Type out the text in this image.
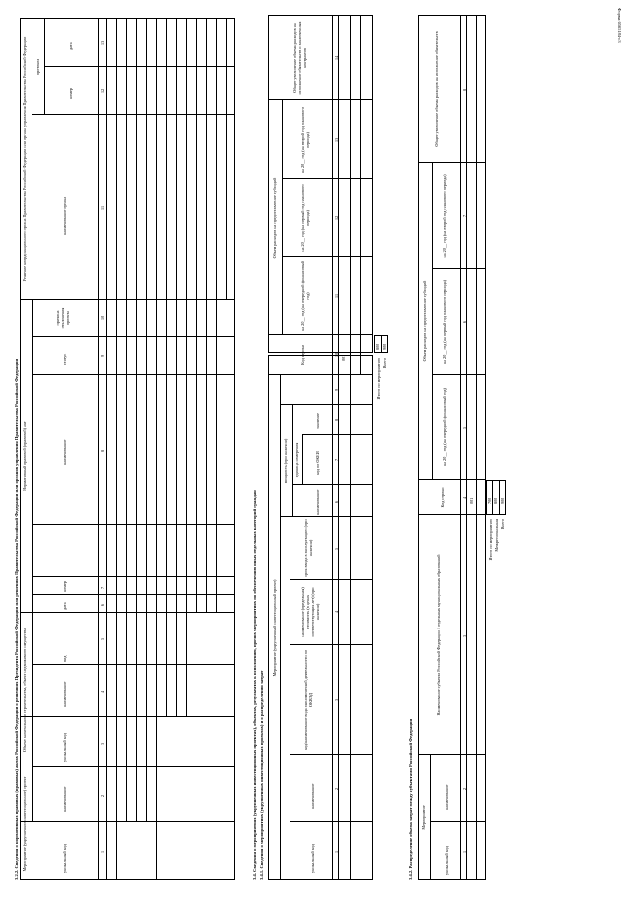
Форма 0505184-с3
3.2.2. Сведения о нормативных правовых (правовых) актах Российской Федерации о решениях Президента Российской Федерации или решениях Правительства Российской Федерации или органов управления Правительства Российской Федерации Мероприятие (укрупненное инвестиционное) проект
Объект капитального строительства, объект недвижимого имущества
Нормативный правовой (правовой) акт
Решение координационного органа Правительства Российской Федерации или органа управления Правительства Российской Федерации
уникальный код
наименование
уникальный код
наименование
вид
дата
номер
наименование
статус
причина отклонения проекта
наименование органа
протокол
номер
дата
1
2
3
4
5
6
7
8
9
10
11
12
13
3.4. Сведения о мероприятиях (укрупненных инвестиционных проектах), объектах, результатах к исполнению, прочих мероприятиях по обеспечению иных отдельных категорий граждан 3.4.1. Сведения о мероприятиях (укрупненных инвестиционных проектах) и о распределении затрат
Мероприятие (укрупненный инвестиционный проект)
уникальный код
наименование
код/наименование вида экономической деятельности по ОКВЭД
наименование (предельная) стоимость (в ценах соответствующих лет) (при наличии)
срок ввода в эксплуатацию (при наличии)
мощность (при наличии) единица измерения
наименование
код по ОКЕИ
значение
Код строки
Объем расходов на предоставление субсидий
на 20__ год (на очередной финансовый год)
на 20__ год (на первый год планового периода)
на 20__ год (на второй год планового периода)
Общее увеличение объема расходов на исполнение обязательств и заключенных контрактов
1
2
3
4
5
6
7
8
9
10
11
12
13
14
001
Итого по мероприятию Всего
800 900
3.4.2. Распределение объема затрат между субъектами Российской Федерации Мероприятие
уникальный код
наименование
Наименование субъекта Российской Федерации / отдельных муниципальных образований
Код строки
Объем расходов на предоставление субсидий
на 20__ год (на очередной финансовый год)
на 20__ год (на первый год планового периода)
на 20__ год (на второй год планового периода)
Общее увеличение объема расходов на исполнение обязательств
1
2
3
4
5
6
7
8
001
Итого по мероприятию Межрегиональная Всего
700 800 900
